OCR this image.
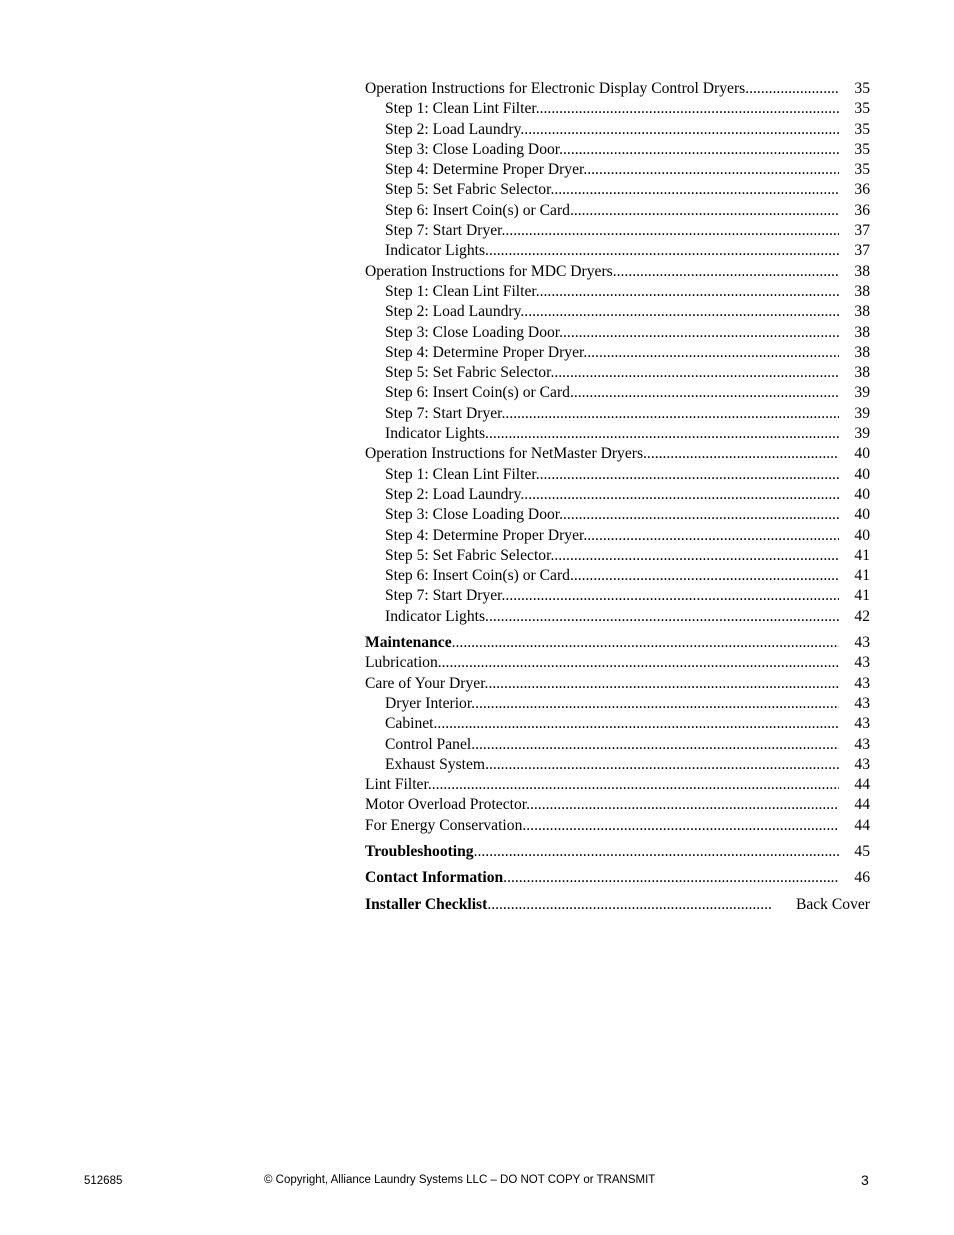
Operation Instructions for Electronic Display Control Dryers .....	35
Step 1: Clean Lint Filter .....	35
Step 2: Load Laundry .....	35
Step 3: Close Loading Door .....	35
Step 4: Determine Proper Dryer .....	35
Step 5: Set Fabric Selector .....	36
Step 6: Insert Coin(s) or Card .....	36
Step 7: Start Dryer .....	37
Indicator Lights .....	37
Operation Instructions for MDC Dryers .....	38
Step 1: Clean Lint Filter .....	38
Step 2: Load Laundry .....	38
Step 3: Close Loading Door .....	38
Step 4: Determine Proper Dryer .....	38
Step 5: Set Fabric Selector .....	38
Step 6: Insert Coin(s) or Card .....	39
Step 7: Start Dryer .....	39
Indicator Lights .....	39
Operation Instructions for NetMaster Dryers .....	40
Step 1: Clean Lint Filter .....	40
Step 2: Load Laundry .....	40
Step 3: Close Loading Door .....	40
Step 4: Determine Proper Dryer .....	40
Step 5: Set Fabric Selector .....	41
Step 6: Insert Coin(s) or Card .....	41
Step 7: Start Dryer .....	41
Indicator Lights .....	42
Maintenance .....	43
Lubrication .....	43
Care of Your Dryer .....	43
Dryer Interior .....	43
Cabinet .....	43
Control Panel .....	43
Exhaust System .....	43
Lint Filter .....	44
Motor Overload Protector .....	44
For Energy Conservation .....	44
Troubleshooting .....	45
Contact Information .....	46
Installer Checklist .....	Back Cover
512685	© Copyright, Alliance Laundry Systems LLC – DO NOT COPY or TRANSMIT	3
